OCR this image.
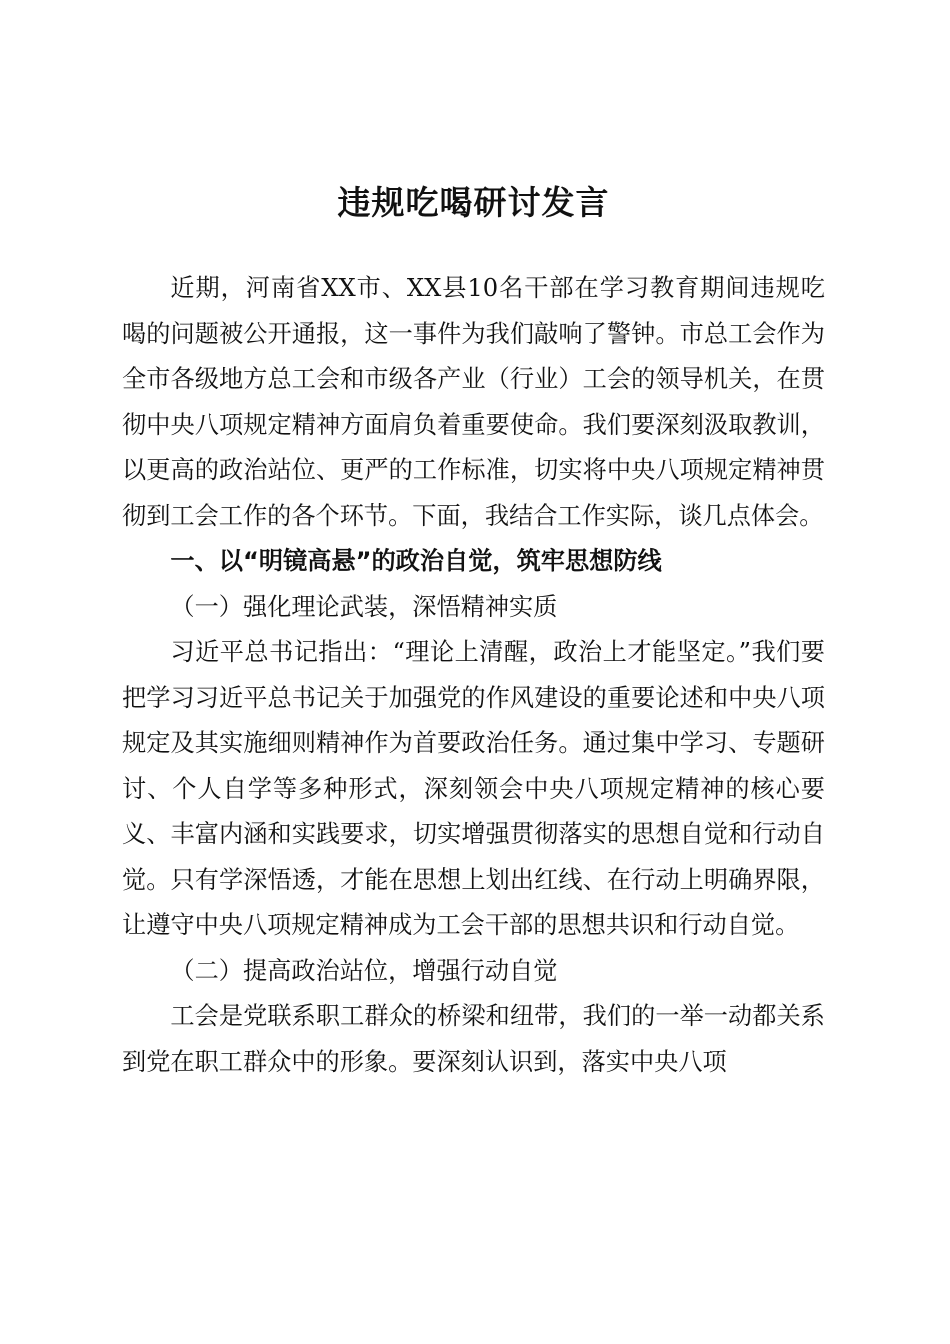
违规吃喝研讨发言

近期，河南省XX市、XX县10名干部在学习教育期间违规吃喝的问题被公开通报，这一事件为我们敲响了警钟。市总工会作为全市各级地方总工会和市级各产业（行业）工会的领导机关，在贯彻中央八项规定精神方面肩负着重要使命。我们要深刻汲取教训，以更高的政治站位、更严的工作标准，切实将中央八项规定精神贯彻到工会工作的各个环节。下面，我结合工作实际，谈几点体会。

一、以“明镜高悬”的政治自觉，筑牢思想防线

（一）强化理论武装，深悟精神实质

习近平总书记指出：“理论上清醒，政治上才能坚定。”我们要把学习习近平总书记关于加强党的作风建设的重要论述和中央八项规定及其实施细则精神作为首要政治任务。通过集中学习、专题研讨、个人自学等多种形式，深刻领会中央八项规定精神的核心要义、丰富内涵和实践要求，切实增强贯彻落实的思想自觉和行动自觉。只有学深悟透，才能在思想上划出红线、在行动上明确界限，让遵守中央八项规定精神成为工会干部的思想共识和行动自觉。

（二）提高政治站位，增强行动自觉

工会是党联系职工群众的桥梁和纽带，我们的一举一动都关系到党在职工群众中的形象。要深刻认识到，落实中央八项
